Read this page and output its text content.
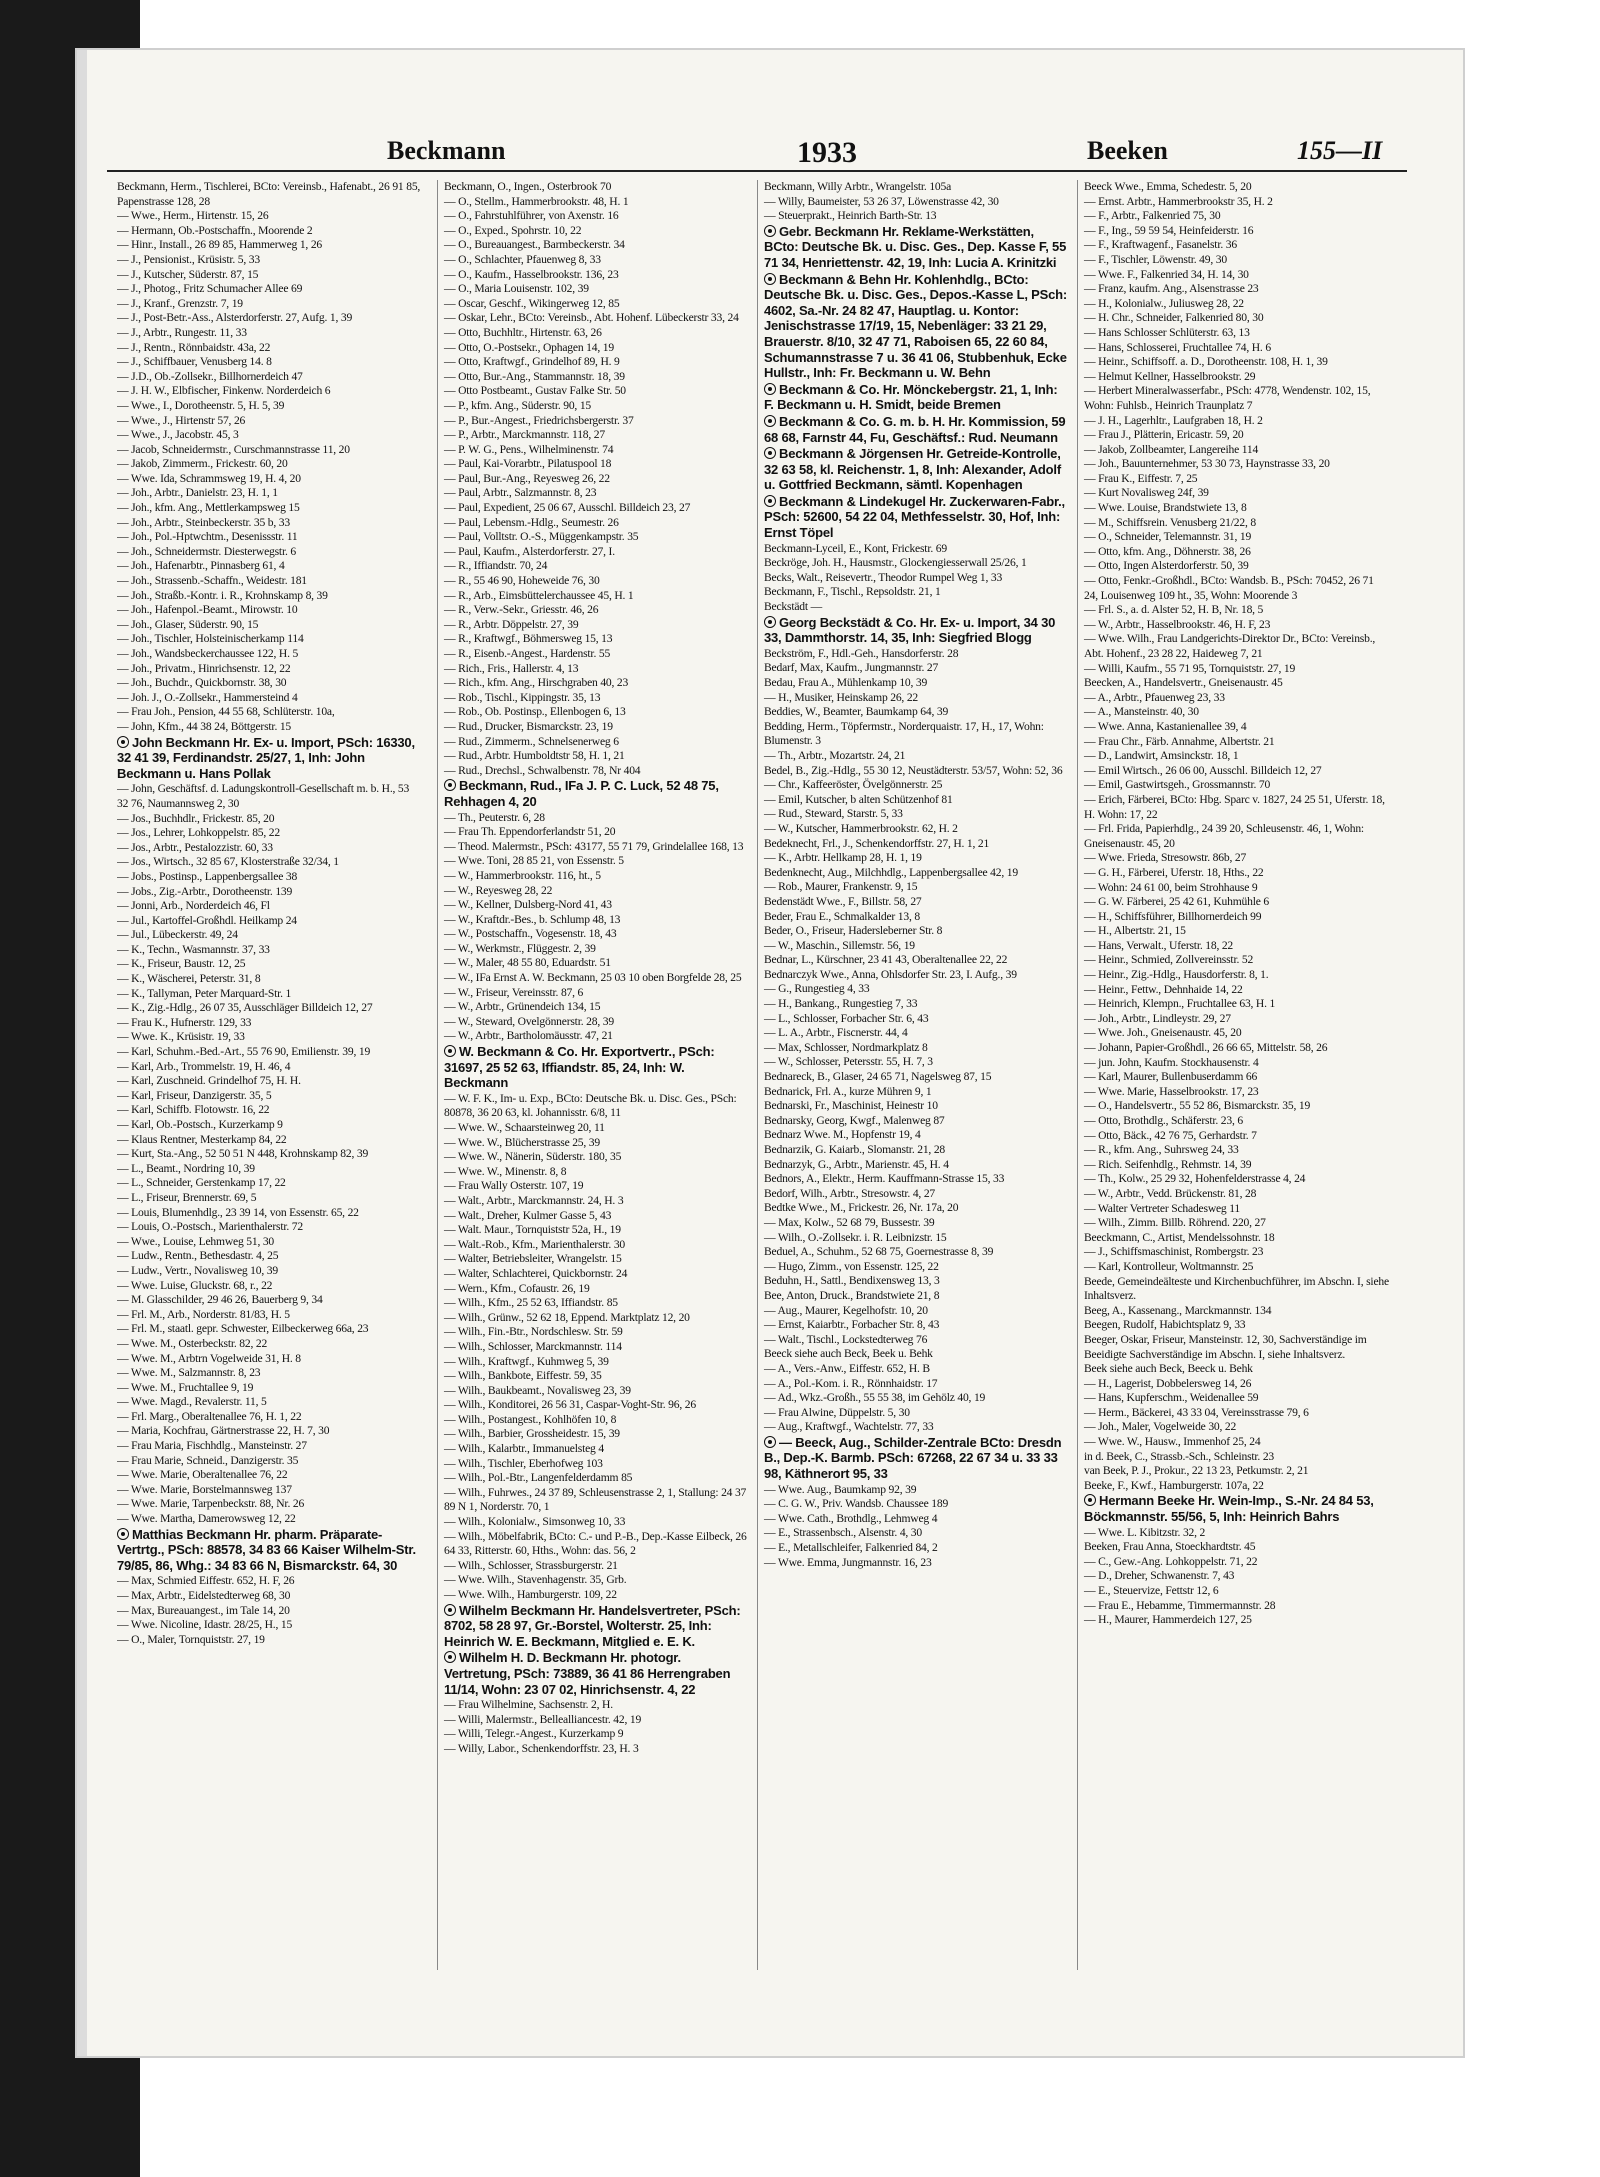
Beckmann	1933	Beeken	155—II
Beckmann, Herm., Tischlerei, BCto: Vereinsb., Hafenabt., 26 91 85, Papenstrasse 128, 28
— Wwe., Herm., Hirtenstr. 15, 26
— Hermann, Ob.-Postschaffn., Moorende 2
— Hinr., Install., 26 89 85, Hammerweg 1, 26
— J., Pensionist., Krüsistr. 5, 33
— J., Kutscher, Süderstr. 87, 15
— J., Photog., Fritz Schumacher Allee 69
— J., Kranf., Grenzstr. 7, 19
— J., Post-Betr.-Ass., Alsterdorferstr. 27, Aufg. 1, 39
— J., Arbtr., Rungestr. 11, 33
— J., Rentn., Rönnbaidstr. 43a, 22
— J., Schiffbauer, Venusberg 14. 8
— J.D., Ob.-Zollsekr., Billhornerdeich 47
— J. H. W., Elbfischer, Finkenw. Norderdeich 6
— Wwe., I., Dorotheenstr. 5, H. 5, 39
— Wwe., J., Hirtenstr 57, 26
— Wwe., J., Jacobstr. 45, 3
— Jacob, Schneidermstr., Curschmannstrasse 11, 20
— Jakob, Zimmerm., Frickestr. 60, 20
— Wwe. Ida, Schrammsweg 19, H. 4, 20
— Joh., Arbtr., Danielstr. 23, H. 1, 1
— Joh., kfm. Ang., Mettlerkampsweg 15
— Joh., Arbtr., Steinbeckerstr. 35 b, 33
— Joh., Pol.-Hptwchtm., Desenissstr. 11
— Joh., Schneidermstr. Diesterwegstr. 6
— Joh., Hafenarbtr., Pinnasberg 61, 4
— Joh., Strassenb.-Schaffn., Weidestr. 181
— Joh., Straßb.-Kontr. i. R., Krohnskamp 8, 39
— Joh., Hafenpol.-Beamt., Mirowstr. 10
— Joh., Glaser, Süderstr. 90, 15
— Joh., Tischler, Holsteinischerkamp 114
— Joh., Wandsbeckerchaussee 122, H. 5
— Joh., Privatm., Hinrichsenstr. 12, 22
— Joh., Buchdr., Quickbornstr. 38, 30
— Joh. J., O.-Zollsekr., Hammersteind 4
— Frau Joh., Pension, 44 55 68, Schlüterstr. 10a,
— John, Kfm., 44 38 24, Böttgerstr. 15
John Beckmann Hr. Ex- u. Import, PSch: 16330, 32 41 39, Ferdinandstr. 25/27, 1, Inh: John Beckmann u. Hans Pollak
— John, Geschäftsf. d. Ladungskontroll-Gesellschaft m. b. H., 53 32 76, Naumannsweg 2, 30
— Jos., Buchhdlr., Frickestr. 85, 20
— Jos., Lehrer, Lohkoppelstr. 85, 22
— Jos., Arbtr., Pestalozzistr. 60, 33
— Jos., Wirtsch., 32 85 67, Klosterstraße 32/34, 1
— Jobs., Postinsp., Lappenbergsallee 38
— Jobs., Zig.-Arbtr., Dorotheenstr. 139
— Jonni, Arb., Norderdeich 46, Fl
— Jul., Kartoffel-Großhdl. Heilkamp 24
— Jul., Lübeckerstr. 49, 24
— K., Techn., Wasmannstr. 37, 33
— K., Friseur, Baustr. 12, 25
— K., Wäscherei, Peterstr. 31, 8
— K., Tallyman, Peter Marquard-Str. 1
— K., Zig.-Hdlg., 26 07 35, Ausschläger Billdeich 12, 27
— Frau K., Hufnerstr. 129, 33
— Wwe. K., Krüsistr. 19, 33
— Karl, Schuhm.-Bed.-Art., 55 76 90, Emilienstr. 39, 19
— Karl, Arb., Trommelstr. 19, H. 46, 4
— Karl, Zuschneid. Grindelhof 75, H. H.
— Karl, Friseur, Danzigerstr. 35, 5
— Karl, Schiffb. Flotowstr. 16, 22
— Karl, Ob.-Postsch., Kurzerkamp 9
— Klaus Rentner, Mesterkamp 84, 22
— Kurt, Sta.-Ang., 52 50 51 N 448, Krohnskamp 82, 39
— L., Beamt., Nordring 10, 39
— L., Schneider, Gerstenkamp 17, 22
— L., Friseur, Brennerstr. 69, 5
— Louis, Blumenhdlg., 23 39 14, von Essenstr. 65, 22
— Louis, O.-Postsch., Marienthalerstr. 72
— Wwe., Louise, Lehmweg 51, 30
— Ludw., Rentn., Bethesdastr. 4, 25
— Ludw., Vertr., Novalisweg 10, 39
— Wwe. Luise, Gluckstr. 68, r., 22
— M. Glasschilder, 29 46 26, Bauerberg 9, 34
— Frl. M., Arb., Norderstr. 81/83, H. 5
— Frl. M., staatl. gepr. Schwester, Eilbeckerweg 66a, 23
— Wwe. M., Osterbeckstr. 82, 22
— Wwe. M., Arbtrn Vogelweide 31, H. 8
— Wwe. M., Salzmannstr. 8, 23
— Wwe. M., Fruchtallee 9, 19
— Wwe. Magd., Revalerstr. 11, 5
— Frl. Marg., Oberaltenallee 76, H. 1, 22
— Maria, Kochfrau, Gärtnerstrasse 22, H. 7, 30
— Frau Maria, Fischhdlg., Mansteinstr. 27
— Frau Marie, Schneid., Danzigerstr. 35
— Wwe. Marie, Oberaltenallee 76, 22
— Wwe. Marie, Borstelmannsweg 137
— Wwe. Marie, Tarpenbeckstr. 88, Nr. 26
— Wwe. Martha, Damerowsweg 12, 22
Matthias Beckmann Hr. pharm. Präparate-Vertrtg., PSch: 88578, 34 83 66 Kaiser Wilhelm-Str. 79/85, 86, Whg.: 34 83 66 N, Bismarckstr. 64, 30
— Max, Schmied Eiffestr. 652, H. F, 26
— Max, Arbtr., Eidelstedterweg 68, 30
— Max, Bureauangest., im Tale 14, 20
— Wwe. Nicoline, Idastr. 28/25, H., 15
— O., Maler, Tornquiststr. 27, 19
Beckmann, O., Ingen., Osterbrook 70
— O., Stellm., Hammerbrookstr. 48, H. 1
— O., Fahrstuhlführer, von Axenstr. 16
— O., Exped., Spohrstr. 10, 22
— O., Bureauangest., Barmbeckerstr. 34
— O., Schlachter, Pfauenweg 8, 33
— O., Kaufm., Hasselbrookstr. 136, 23
— O., Maria Louisenstr. 102, 39
— Oscar, Geschf., Wikingerweg 12, 85
— Oskar, Lehr., BCto: Vereinsb., Abt. Hohenf. Lübeckerstr 33, 24
— Otto, Buchhltr., Hirtenstr. 63, 26
— Otto, O.-Postsekr., Ophagen 14, 19
— Otto, Kraftwgf., Grindelhof 89, H. 9
— Otto, Bur.-Ang., Stammannstr. 18, 39
— Otto Postbeamt., Gustav Falke Str. 50
— P., kfm. Ang., Süderstr. 90, 15
— P., Bur.-Angest., Friedrichsbergerstr. 37
— P., Arbtr., Marckmannstr. 118, 27
— P. W. G., Pens., Wilhelminenstr. 74
— Paul, Kai-Vorarbtr., Pilatuspool 18
— Paul, Bur.-Ang., Reyesweg 26, 22
— Paul, Arbtr., Salzmannstr. 8, 23
— Paul, Expedient, 25 06 67, Ausschl. Billdeich 23, 27
— Paul, Lebensm.-Hdlg., Seumestr. 26
— Paul, Volltstr. O.-S., Müggenkampstr. 35
— Paul, Kaufm., Alsterdorferstr. 27, I.
— R., Iffiandstr. 70, 24
— R., 55 46 90, Hoheweide 76, 30
— R., Arb., Eimsbüttelerchaussee 45, H. 1
— R., Verw.-Sekr., Griesstr. 46, 26
— R., Arbtr. Döppelstr. 27, 39
— R., Kraftwgf., Böhmersweg 15, 13
— R., Eisenb.-Angest., Hardenstr. 55
— Rich., Fris., Hallerstr. 4, 13
— Rich., kfm. Ang., Hirschgraben 40, 23
— Rob., Tischl., Kippingstr. 35, 13
— Rob., Ob. Postinsp., Ellenbogen 6, 13
— Rud., Drucker, Bismarckstr. 23, 19
— Rud., Zimmerm., Schnelsenerweg 6
— Rud., Arbtr. Humboldtstr 58, H. 1, 21
— Rud., Drechsl., Schwalbenstr. 78, Nr 404
Beckmann, Rud., IFa J. P. C. Luck, 52 48 75, Rehhagen 4, 20
— Th., Peuterstr. 6, 28
— Frau Th. Eppendorferlandstr 51, 20
— Theod. Malermstr., PSch: 43177, 55 71 79, Grindelallee 168, 13
— Wwe. Toni, 28 85 21, von Essenstr. 5
— W., Hammerbrookstr. 116, ht., 5
— W., Reyesweg 28, 22
— W., Kellner, Dulsberg-Nord 41, 43
— W., Kraftdr.-Bes., b. Schlump 48, 13
— W., Postschaffn., Vogesenstr. 18, 43
— W., Werkmstr., Flüggestr. 2, 39
— W., Maler, 48 55 80, Eduardstr. 51
— W., IFa Ernst A. W. Beckmann, 25 03 10 oben Borgfelde 28, 25
— W., Friseur, Vereinsstr. 87, 6
— W., Arbtr., Grünendeich 134, 15
— W., Steward, Ovelgönnerstr. 28, 39
— W., Arbtr., Bartholomäusstr. 47, 21
W. Beckmann & Co. Hr. Exportvertr., PSch: 31697, 25 52 63, Iffiandstr. 85, 24, Inh: W. Beckmann
— W. F. K., Im- u. Exp., BCto: Deutsche Bk. u. Disc. Ges., PSch: 80878, 36 20 63, kl. Johannisstr. 6/8, 11
— Wwe. W., Schaarsteinweg 20, 11
— Wwe. W., Blücherstrasse 25, 39
— Wwe. W., Nänerin, Süderstr. 180, 35
— Wwe. W., Minenstr. 8, 8
— Frau Wally Osterstr. 107, 19
— Walt., Arbtr., Marckmannstr. 24, H. 3
— Walt., Dreher, Kulmer Gasse 5, 43
— Walt. Maur., Tornquiststr 52a, H., 19
— Walt.-Rob., Kfm., Marienthalerstr. 30
— Walter, Betriebsleiter, Wrangelstr. 15
— Walter, Schlachterei, Quickbornstr. 24
— Wern., Kfm., Cofaustr. 26, 19
— Wilh., Kfm., 25 52 63, Iffiandstr. 85
— Wilh., Grünw., 52 62 18, Eppend. Marktplatz 12, 20
— Wilh., Fin.-Btr., Nordschlesw. Str. 59
— Wilh., Schlosser, Marckmannstr. 114
— Wilh., Kraftwgf., Kuhmweg 5, 39
— Wilh., Bankbote, Eiffestr. 59, 35
— Wilh., Baukbeamt., Novalisweg 23, 39
— Wilh., Konditorei, 26 56 31, Caspar-Voght-Str. 96, 26
— Wilh., Postangest., Kohlhöfen 10, 8
— Wilh., Barbier, Grossheidestr. 15, 39
— Wilh., Kalarbtr., Immanuelsteg 4
— Wilh., Tischler, Eberhofweg 103
— Wilh., Pol.-Btr., Langenfelderdamm 85
— Wilh., Fuhrwes., 24 37 89, Schleusenstrasse 2, 1, Stallung: 24 37 89 N 1, Norderstr. 70, 1
— Wilh., Kolonialw., Simsonweg 10, 33
— Wilh., Möbelfabrik, BCto: C.- und P.-B., Dep.-Kasse Eilbeck, 26 64 33, Ritterstr. 60, Hths., Wohn: das. 56, 2
— Wilh., Schlosser, Strassburgerstr. 21
— Wwe. Wilh., Stavenhagenstr. 35, Grb.
— Wwe. Wilh., Hamburgerstr. 109, 22
Wilhelm Beckmann Hr. Handelsvertreter, PSch: 8702, 58 28 97, Gr.-Borstel, Wolterstr. 25, Inh: Heinrich W. E. Beckmann, Mitglied e. E. K.
Wilhelm H. D. Beckmann Hr. photogr. Vertretung, PSch: 73889, 36 41 86 Herrengraben 11/14, Wohn: 23 07 02, Hinrichsenstr. 4, 22
— Frau Wilhelmine, Sachsenstr. 2, H.
— Willi, Malermstr., Bellealliancestr. 42, 19
— Willi, Telegr.-Angest., Kurzerkamp 9
— Willy, Labor., Schenkendorffstr. 23, H. 3
Beckmann, Willy Arbtr., Wrangelstr. 105a
— Willy, Baumeister, 53 26 37, Löwenstrasse 42, 30
— Steuerprakt., Heinrich Barth-Str. 13
Gebr. Beckmann Hr. Reklame-Werkstätten, BCto: Deutsche Bk. u. Disc. Ges., Dep. Kasse F, 55 71 34, Henriettenstr. 42, 19, Inh: Lucia A. Krinitzki
Beckmann & Behn Hr. Kohlenhdlg., BCto: Deutsche Bk. u. Disc. Ges., Depos.-Kasse L, PSch: 4602, Sa.-Nr. 24 82 47, Hauptlag. u. Kontor: Jenischstrasse 17/19, 15, Nebenläger: 33 21 29, Brauerstr. 8/10, 32 47 71, Raboisen 65, 22 60 84, Schumannstrasse 7 u. 36 41 06, Stubbenhuk, Ecke Hullstr., Inh: Fr. Beckmann u. W. Behn
Beckmann & Co. Hr. Mönckebergstr. 21, 1, Inh: F. Beckmann u. H. Smidt, beide Bremen
Beckmann & Co. G. m. b. H. Hr. Kommission, 59 68 68, Farnstr 44, Fu, Geschäftsf.: Rud. Neumann
Beckmann & Jörgensen Hr. Getreide-Kontrolle, 32 63 58, kl. Reichenstr. 1, 8, Inh: Alexander, Adolf u. Gottfried Beckmann, sämtl. Kopenhagen
Beckmann & Lindekugel Hr. Zuckerwaren-Fabr., PSch: 52600, 54 22 04, Methfesselstr. 30, Hof, Inh: Ernst Töpel
Beckmann-Lyceil, E., Kont, Frickestr. 69
Beckröge, Joh. H., Hausmstr., Glockengiesserwall 25/26, 1
Becks, Walt., Reisevertr., Theodor Rumpel Weg 1, 33
Beckmann, F., Tischl., Repsoldstr. 21, 1
Beckstädt —
Georg Beckstädt & Co. Hr. Ex- u. Import, 34 30 33, Dammthorstr. 14, 35, Inh: Siegfried Blogg
Beckström, F., Hdl.-Geh., Hansdorferstr. 28
Bedarf, Max, Kaufm., Jungmannstr. 27
Bedau, Frau A., Mühlenkamp 10, 39
— H., Musiker, Heinskamp 26, 22
Beddies, W., Beamter, Baumkamp 64, 39
Bedding, Herm., Töpfermstr., Norderquaistr. 17, H., 17, Wohn: Blumenstr. 3
— Th., Arbtr., Mozartstr. 24, 21
Bedel, B., Zig.-Hdlg., 55 30 12, Neustädterstr. 53/57, Wohn: 52, 36
— Chr., Kaffeeröster, Övelgönnerstr. 25
— Emil, Kutscher, b alten Schützenhof 81
— Rud., Steward, Starstr. 5, 33
— W., Kutscher, Hammerbrookstr. 62, H. 2
Bedeknecht, Frl., J., Schenkendorffstr. 27, H. 1, 21
— K., Arbtr. Hellkamp 28, H. 1, 19
Bedenknecht, Aug., Milchhdlg., Lappenbergsallee 42, 19
— Rob., Maurer, Frankenstr. 9, 15
Bedenstädt Wwe., F., Billstr. 58, 27
Beder, Frau E., Schmalkalder 13, 8
Beder, O., Friseur, Hadersleberner Str. 8
— W., Maschin., Sillemstr. 56, 19
Bednar, L., Kürschner, 23 41 43, Oberaltenallee 22, 22
Bednarczyk Wwe., Anna, Ohlsdorfer Str. 23, I. Aufg., 39
— G., Rungestieg 4, 33
— H., Bankang., Rungestieg 7, 33
— L., Schlosser, Forbacher Str. 6, 43
— L. A., Arbtr., Fiscnerstr. 44, 4
— Max, Schlosser, Nordmarkplatz 8
— W., Schlosser, Petersstr. 55, H. 7, 3
Bednareck, B., Glaser, 24 65 71, Nagelsweg 87, 15
Bednarick, Frl. A., kurze Mühren 9, 1
Bednarski, Fr., Maschinist, Heinestr 10
Bednarsky, Georg, Kwgf., Malenweg 87
Bednarz Wwe. M., Hopfenstr 19, 4
Bednarzik, G. Kaiarb., Slomanstr. 21, 28
Bednarzyk, G., Arbtr., Marienstr. 45, H. 4
Bednors, A., Elektr., Herm. Kauffmann-Strasse 15, 33
Bedorf, Wilh., Arbtr., Stresowstr. 4, 27
Bedtke Wwe., M., Frickestr. 26, Nr. 17a, 20
— Max, Kolw., 52 68 79, Bussestr. 39
— Wilh., O.-Zollsekr. i. R. Leibnizstr. 15
Beduel, A., Schuhm., 52 68 75, Goernestrasse 8, 39
— Hugo, Zimm., von Essenstr. 125, 22
Beduhn, H., Sattl., Bendixensweg 13, 3
Bee, Anton, Druck., Brandstwiete 21, 8
— Aug., Maurer, Kegelhofstr. 10, 20
— Ernst, Kaiarbtr., Forbacher Str. 8, 43
— Walt., Tischl., Lockstedterweg 76
Beeck siehe auch Beck, Beek u. Behk
— A., Vers.-Anw., Eiffestr. 652, H. B
— A., Pol.-Kom. i. R., Rönnhaidstr. 17
— Ad., Wkz.-Großh., 55 55 38, im Gehölz 40, 19
— Frau Alwine, Düppelstr. 5, 30
— Aug., Kraftwgf., Wachtelstr. 77, 33
— Beeck, Aug., Schilder-Zentrale BCto: Dresdn B., Dep.-K. Barmb. PSch: 67268, 22 67 34 u. 33 33 98, Käthnerort 95, 33
— Wwe. Aug., Baumkamp 92, 39
— C. G. W., Priv. Wandsb. Chaussee 189
— Wwe. Cath., Brothdlg., Lehmweg 4
— E., Strassenbsch., Alsenstr. 4, 30
— E., Metallschleifer, Falkenried 84, 2
— Wwe. Emma, Jungmannstr. 16, 23
Beeck Wwe., Emma, Schedestr. 5, 20
— Ernst. Arbtr., Hammerbrookstr 35, H. 2
— F., Arbtr., Falkenried 75, 30
— F., Ing., 59 59 54, Heinfeiderstr. 16
— F., Kraftwagenf., Fasanelstr. 36
— F., Tischler, Löwenstr. 49, 30
— Wwe. F., Falkenried 34, H. 14, 30
— Franz, kaufm. Ang., Alsenstrasse 23
— H., Kolonialw., Juliusweg 28, 22
— H. Chr., Schneider, Falkenried 80, 30
— Hans Schlosser Schlüterstr. 63, 13
— Hans, Schlosserei, Fruchtallee 74, H. 6
— Heinr., Schiffsoff. a. D., Dorotheenstr. 108, H. 1, 39
— Helmut Kellner, Hasselbrookstr. 29
— Herbert Mineralwasserfabr., PSch: 4778, Wendenstr. 102, 15, Wohn: Fuhlsb., Heinrich Traunplatz 7
— J. H., Lagerhltr., Laufgraben 18, H. 2
— Frau J., Plätterin, Ericastr. 59, 20
— Jakob, Zollbeamter, Langereihe 114
— Joh., Bauunternehmer, 53 30 73, Haynstrasse 33, 20
— Frau K., Eiffestr. 7, 25
— Kurt Novalisweg 24f, 39
— Wwe. Louise, Brandstwiete 13, 8
— M., Schiffsrein. Venusberg 21/22, 8
— O., Schneider, Telemannstr. 31, 19
— Otto, kfm. Ang., Döhnerstr. 38, 26
— Otto, Ingen Alsterdorferstr. 50, 39
— Otto, Fenkr.-Großhdl., BCto: Wandsb. B., PSch: 70452, 26 71 24, Louisenweg 109 ht., 35, Wohn: Moorende 3
— Frl. S., a. d. Alster 52, H. B, Nr. 18, 5
— W., Arbtr., Hasselbrookstr. 46, H. F, 23
— Wwe. Wilh., Frau Landgerichts-Direktor Dr., BCto: Vereinsb., Abt. Hohenf., 23 28 22, Haideweg 7, 21
— Willi, Kaufm., 55 71 95, Tornquiststr. 27, 19
Beecken, A., Handelsvertr., Gneisenaustr. 45
— A., Arbtr., Pfauenweg 23, 33
— A., Mansteinstr. 40, 30
— Wwe. Anna, Kastanienallee 39, 4
— Frau Chr., Färb. Annahme, Albertstr. 21
— D., Landwirt, Amsinckstr. 18, 1
— Emil Wirtsch., 26 06 00, Ausschl. Billdeich 12, 27
— Emil, Gastwirtsgeh., Grossmannstr. 70
— Erich, Färberei, BCto: Hbg. Sparc v. 1827, 24 25 51, Uferstr. 18, H. Wohn: 17, 22
— Frl. Frida, Papierhdlg., 24 39 20, Schleusenstr. 46, 1, Wohn: Gneisenaustr. 45, 20
— Wwe. Frieda, Stresowstr. 86b, 27
— G. H., Färberei, Uferstr. 18, Hths., 22
— Wohn: 24 61 00, beim Strohhause 9
— G. W. Färberei, 25 42 61, Kuhmühle 6
— H., Schiffsführer, Billhornerdeich 99
— H., Albertstr. 21, 15
— Hans, Verwalt., Uferstr. 18, 22
— Heinr., Schmied, Zollvereinsstr. 52
— Heinr., Zig.-Hdlg., Hausdorferstr. 8, 1.
— Heinr., Fettw., Dehnhaide 14, 22
— Heinrich, Klempn., Fruchtallee 63, H. 1
— Joh., Arbtr., Lindleystr. 29, 27
— Wwe. Joh., Gneisenaustr. 45, 20
— Johann, Papier-Großhdl., 26 66 65, Mittelstr. 58, 26
— jun. John, Kaufm. Stockhausenstr. 4
— Karl, Maurer, Bullenbuserdamm 66
— Wwe. Marie, Hasselbrookstr. 17, 23
— O., Handelsvertr., 55 52 86, Bismarckstr. 35, 19
— Otto, Brothdlg., Schäferstr. 23, 6
— Otto, Bäck., 42 76 75, Gerhardstr. 7
— R., kfm. Ang., Suhrsweg 24, 33
— Rich. Seifenhdlg., Rehmstr. 14, 39
— Th., Kolw., 25 29 32, Hohenfelderstrasse 4, 24
— W., Arbtr., Vedd. Brückenstr. 81, 28
— Walter Vertreter Schadesweg 11
— Wilh., Zimm. Billb. Röhrend. 220, 27
Beeckmann, C., Artist, Mendelssohnstr. 18
— J., Schiffsmaschinist, Rombergstr. 23
— Karl, Kontrolleur, Woltmannstr. 25
Beede, Gemeindeälteste und Kirchenbuchführer, im Abschn. I, siehe Inhaltsverz.
Beeg, A., Kassenang., Marckmannstr. 134
Beegen, Rudolf, Habichtsplatz 9, 33
Beeger, Oskar, Friseur, Mansteinstr. 12, 30, Sachverständige im
Beeidigte Sachverständige im Abschn. I, siehe Inhaltsverz.
Beek siehe auch Beck, Beeck u. Behk
— H., Lagerist, Dobbelersweg 14, 26
— Hans, Kupferschm., Weidenallee 59
— Herm., Bäckerei, 43 33 04, Vereinsstrasse 79, 6
— Joh., Maler, Vogelweide 30, 22
— Wwe. W., Hausw., Immenhof 25, 24
in d. Beek, C., Strassb.-Sch., Schleinstr. 23
van Beek, P. J., Prokur., 22 13 23, Petkumstr. 2, 21
Beeke, F., Kwf., Hamburgerstr. 107a, 22
Hermann Beeke Hr. Wein-Imp., S.-Nr. 24 84 53, Böckmannstr. 55/56, 5, Inh: Heinrich Bahrs
— Wwe. L. Kibitzstr. 32, 2
Beeken, Frau Anna, Stoeckhardtstr. 45
— C., Gew.-Ang. Lohkoppelstr. 71, 22
— D., Dreher, Schwanenstr. 7, 43
— E., Steuervize, Fettstr 12, 6
— Frau E., Hebamme, Timmermannstr. 28
— H., Maurer, Hammerdeich 127, 25
